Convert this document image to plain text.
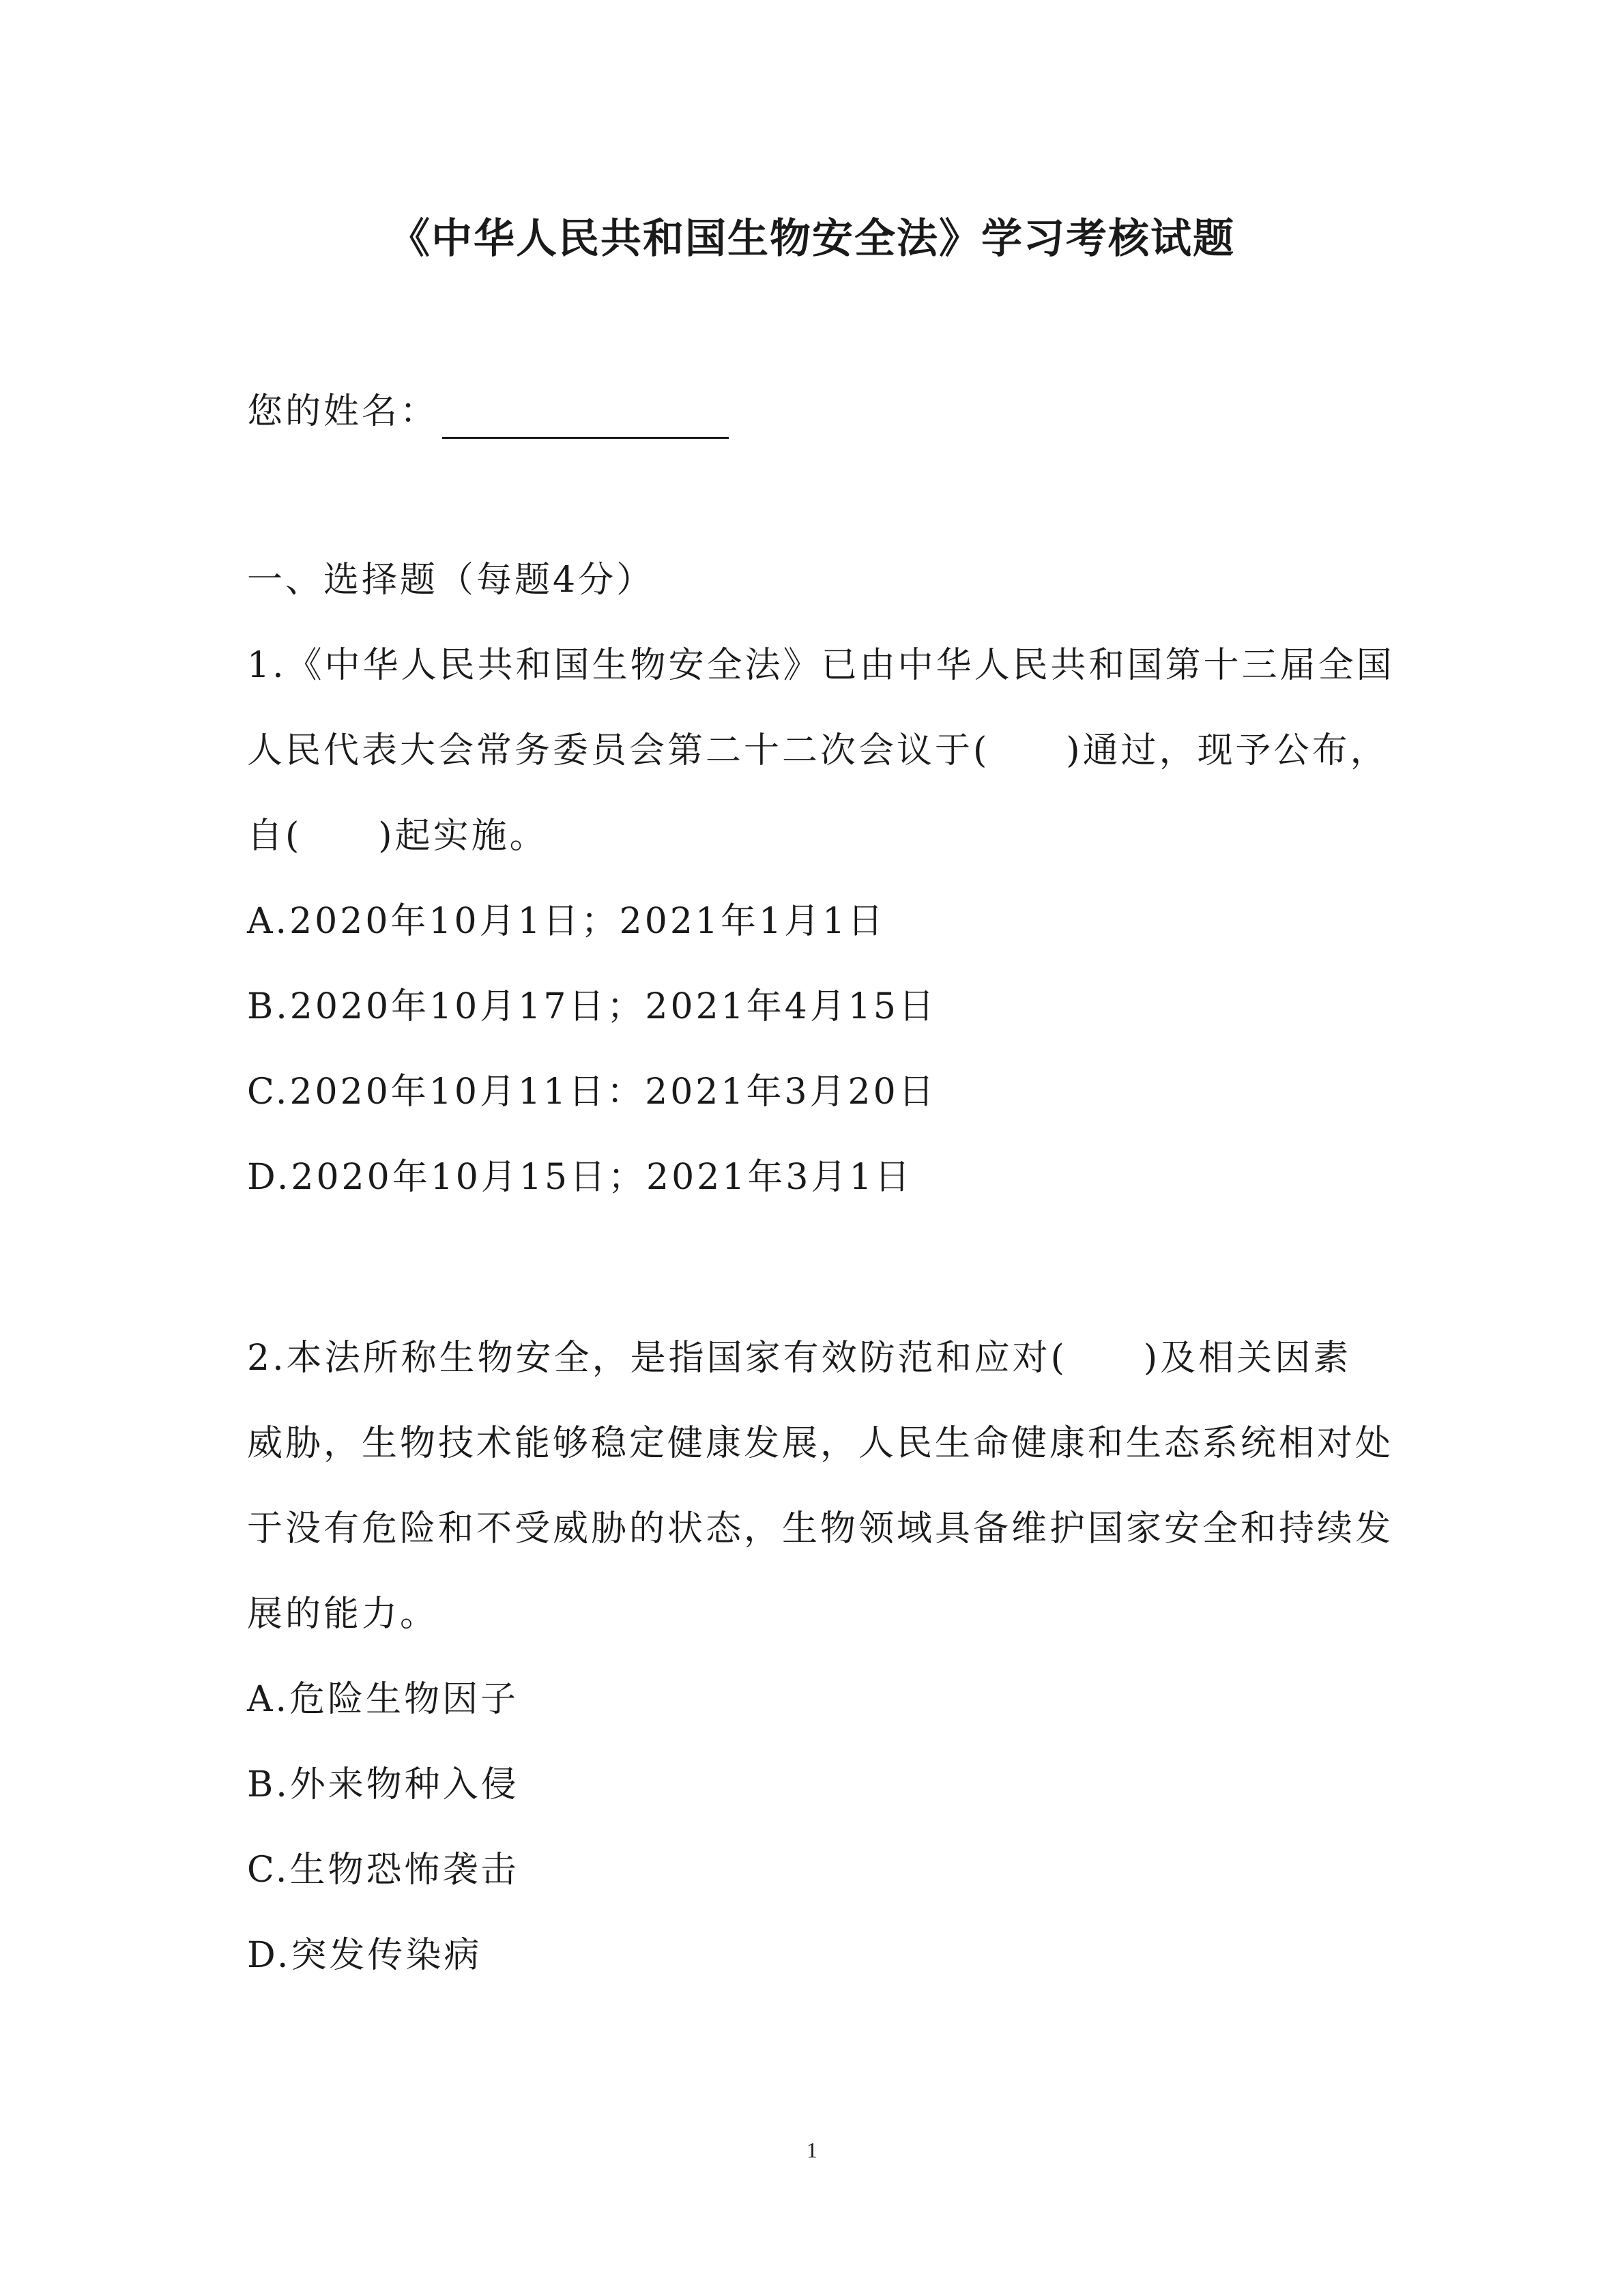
《中华人民共和国生物安全法》学习考核试题
您的姓名：
一、选择题（每题4分）
1.《中华人民共和国生物安全法》已由中华人民共和国第十三届全国
人民代表大会常务委员会第二十二次会议于(　　)通过，现予公布，
自(　　)起实施。
A.2020年10月1日；2021年1月1日
B.2020年10月17日；2021年4月15日
C.2020年10月11日：2021年3月20日
D.2020年10月15日；2021年3月1日
2.本法所称生物安全，是指国家有效防范和应对(　　)及相关因素
威胁，生物技术能够稳定健康发展，人民生命健康和生态系统相对处
于没有危险和不受威胁的状态，生物领域具备维护国家安全和持续发
展的能力。
A.危险生物因子
B.外来物种入侵
C.生物恐怖袭击
D.突发传染病
1
